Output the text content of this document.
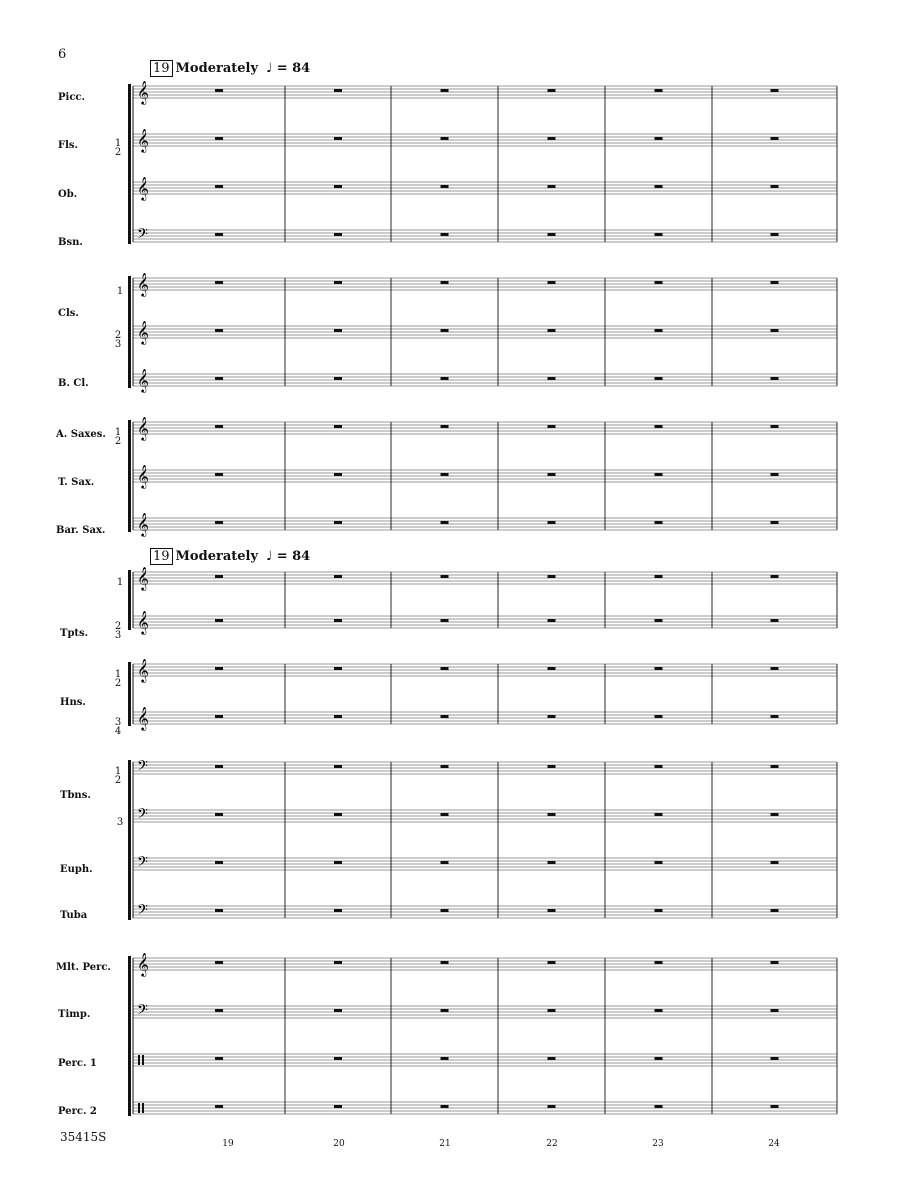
6
19 Moderately ♩ = 84
19 Moderately ♩ = 84
Picc.
Fls.	1 2
Ob.
Bsn.
Cls.
1
2 3
B. Cl.
A. Saxes. 1 2
T. Sax.
Bar. Sax.
Tpts.
1
2 3
Hns.
1 2
3 4
Tbns.
1 2
3
Euph.
Tuba
Mlt. Perc.
Timp.
Perc. 1
Perc. 2
𝄞
𝄞
𝄞
𝄢
𝄞
𝄞
𝄞
𝄞
𝄞
𝄞
𝄞
𝄞
𝄞
𝄞
𝄢
𝄢
𝄢
𝄢
𝄞
𝄢
19	20	21	22	23	24
35415S
